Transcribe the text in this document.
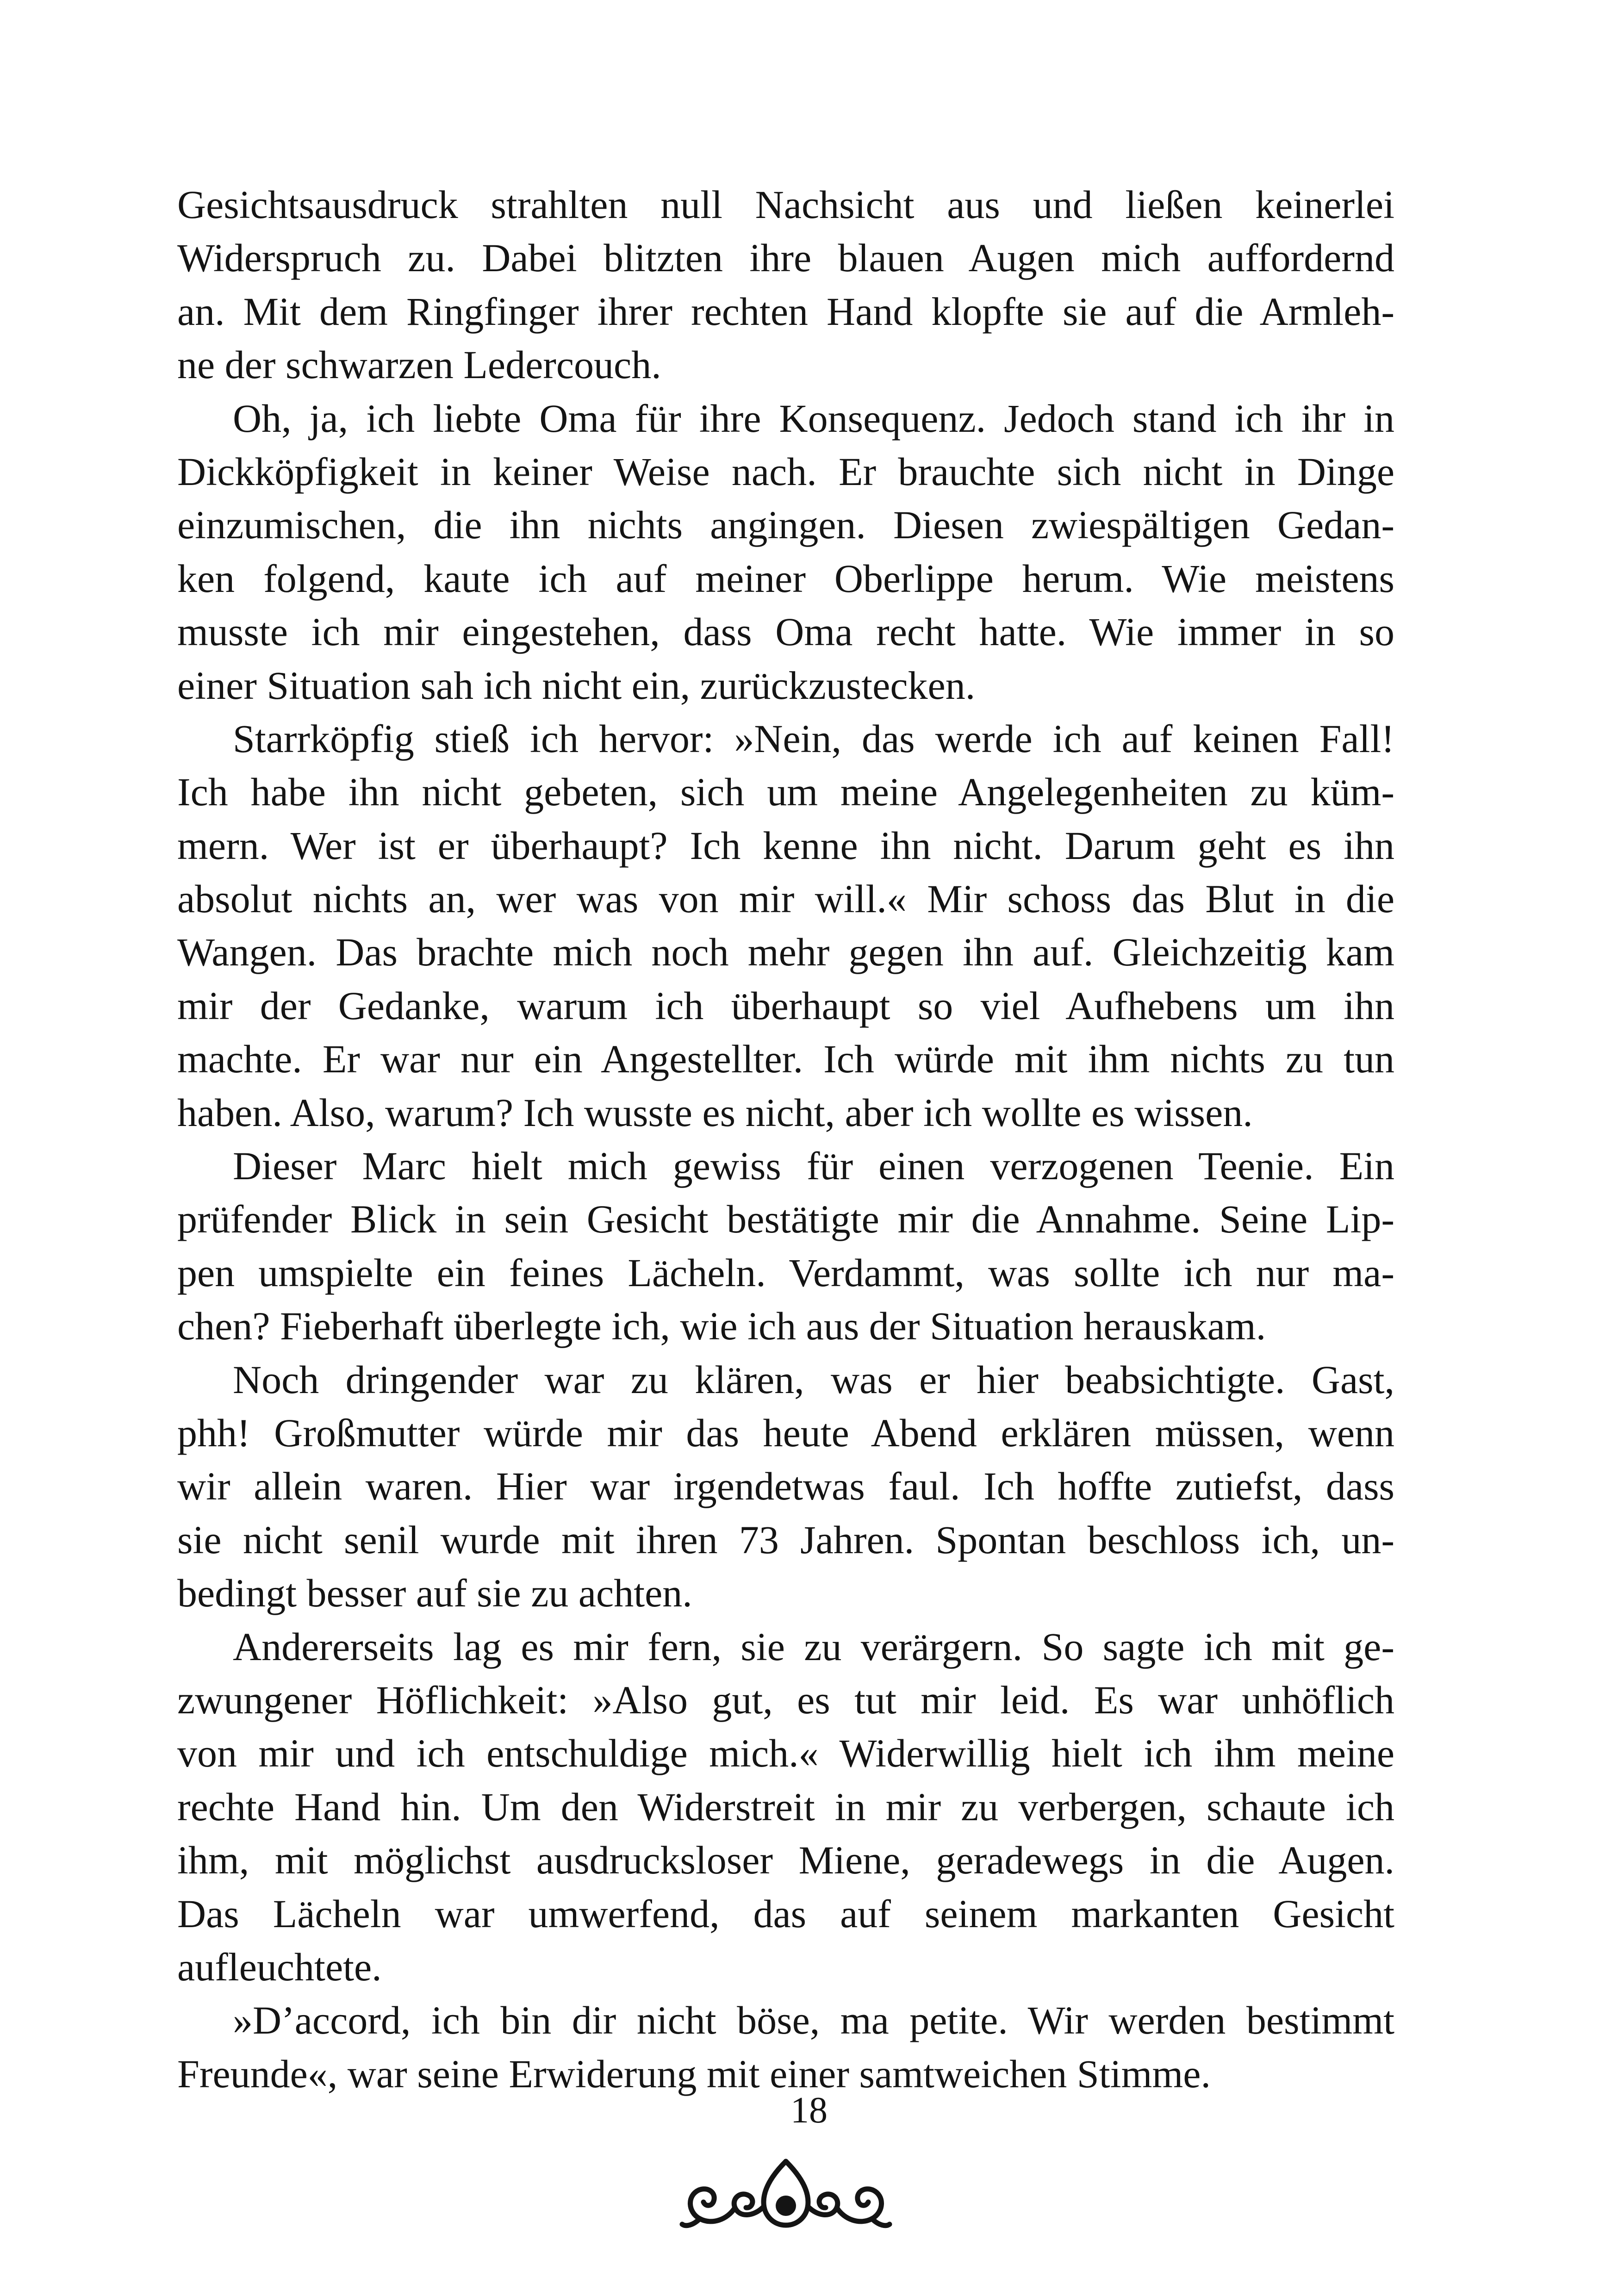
Gesichtsausdruck strahlten null Nachsicht aus und ließen keinerlei
Widerspruch zu. Dabei blitzten ihre blauen Augen mich auffordernd
an. Mit dem Ringfinger ihrer rechten Hand klopfte sie auf die Armleh-
ne der schwarzen Ledercouch.
Oh, ja, ich liebte Oma für ihre Konsequenz. Jedoch stand ich ihr in
Dickköpfigkeit in keiner Weise nach. Er brauchte sich nicht in Dinge
einzumischen, die ihn nichts angingen. Diesen zwiespältigen Gedan-
ken folgend, kaute ich auf meiner Oberlippe herum. Wie meistens
musste ich mir eingestehen, dass Oma recht hatte. Wie immer in so
einer Situation sah ich nicht ein, zurückzustecken.
Starrköpfig stieß ich hervor: »Nein, das werde ich auf keinen Fall!
Ich habe ihn nicht gebeten, sich um meine Angelegenheiten zu küm-
mern. Wer ist er überhaupt? Ich kenne ihn nicht. Darum geht es ihn
absolut nichts an, wer was von mir will.« Mir schoss das Blut in die
Wangen. Das brachte mich noch mehr gegen ihn auf. Gleichzeitig kam
mir der Gedanke, warum ich überhaupt so viel Aufhebens um ihn
machte. Er war nur ein Angestellter. Ich würde mit ihm nichts zu tun
haben. Also, warum? Ich wusste es nicht, aber ich wollte es wissen.
Dieser Marc hielt mich gewiss für einen verzogenen Teenie. Ein
prüfender Blick in sein Gesicht bestätigte mir die Annahme. Seine Lip-
pen umspielte ein feines Lächeln. Verdammt, was sollte ich nur ma-
chen? Fieberhaft überlegte ich, wie ich aus der Situation herauskam.
Noch dringender war zu klären, was er hier beabsichtigte. Gast,
phh! Großmutter würde mir das heute Abend erklären müssen, wenn
wir allein waren. Hier war irgendetwas faul. Ich hoffte zutiefst, dass
sie nicht senil wurde mit ihren 73 Jahren. Spontan beschloss ich, un-
bedingt besser auf sie zu achten.
Andererseits lag es mir fern, sie zu verärgern. So sagte ich mit ge-
zwungener Höflichkeit: »Also gut, es tut mir leid. Es war unhöflich
von mir und ich entschuldige mich.« Widerwillig hielt ich ihm meine
rechte Hand hin. Um den Widerstreit in mir zu verbergen, schaute ich
ihm, mit möglichst ausdrucksloser Miene, geradewegs in die Augen.
Das Lächeln war umwerfend, das auf seinem markanten Gesicht
aufleuchtete.
»D’accord, ich bin dir nicht böse, ma petite. Wir werden bestimmt
Freunde«, war seine Erwiderung mit einer samtweichen Stimme.
18
